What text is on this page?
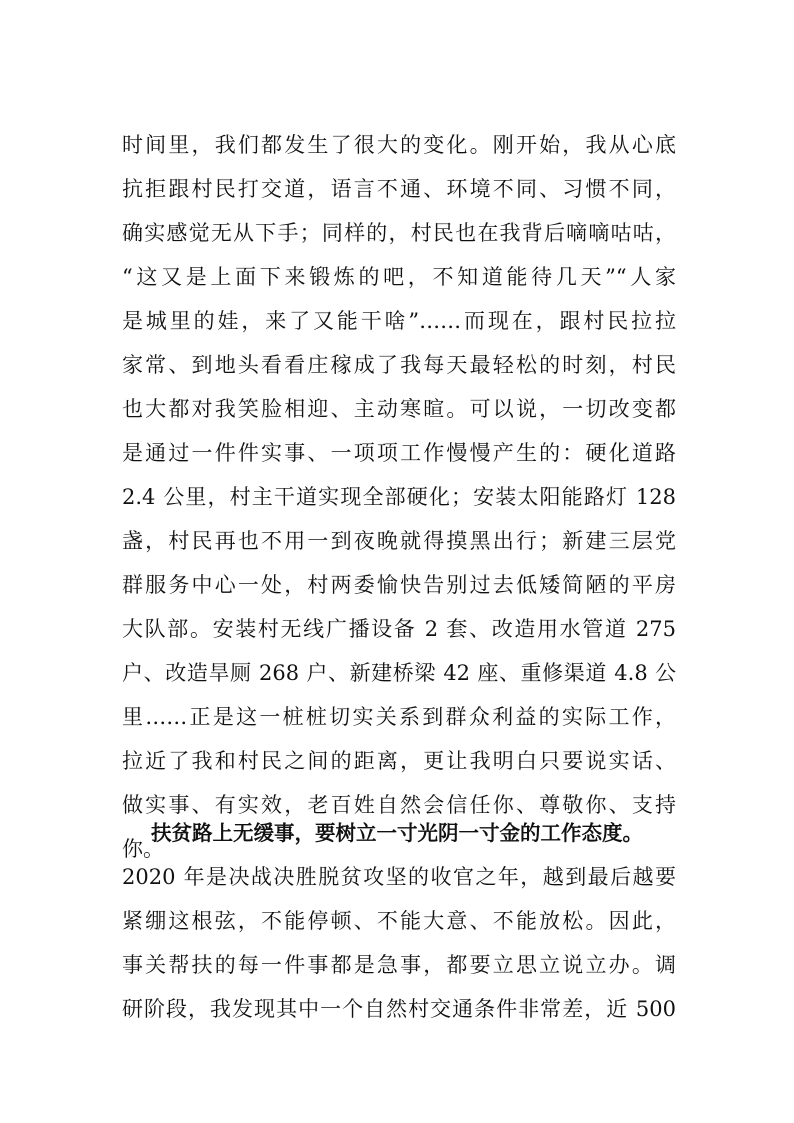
时间里，我们都发生了很大的变化。刚开始，我从心底
抗拒跟村民打交道，语言不通、环境不同、习惯不同，
确实感觉无从下手；同样的，村民也在我背后嘀嘀咕咕，
“这又是上面下来锻炼的吧，不知道能待几天”“人家
是城里的娃，来了又能干啥”……而现在，跟村民拉拉
家常、到地头看看庄稼成了我每天最轻松的时刻，村民
也大都对我笑脸相迎、主动寒暄。可以说，一切改变都
是通过一件件实事、一项项工作慢慢产生的：硬化道路
2.4 公里，村主干道实现全部硬化；安装太阳能路灯 128
盏，村民再也不用一到夜晚就得摸黑出行；新建三层党
群服务中心一处，村两委愉快告别过去低矮简陋的平房
大队部。安装村无线广播设备 2 套、改造用水管道 275
户、改造旱厕 268 户、新建桥梁 42 座、重修渠道 4.8 公
里……正是这一桩桩切实关系到群众利益的实际工作，
拉近了我和村民之间的距离，更让我明白只要说实话、
做实事、有实效，老百姓自然会信任你、尊敬你、支持
你。
扶贫路上无缓事，要树立一寸光阴一寸金的工作态度。
2020 年是决战决胜脱贫攻坚的收官之年，越到最后越要
紧绷这根弦，不能停顿、不能大意、不能放松。因此，
事关帮扶的每一件事都是急事，都要立思立说立办。调
研阶段，我发现其中一个自然村交通条件非常差，近 500
